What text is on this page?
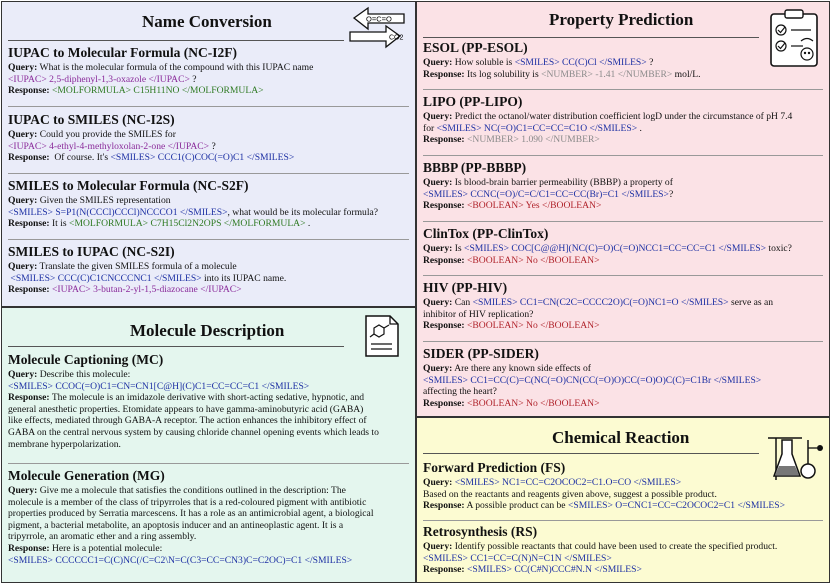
Name Conversion	O=C=O
CO2
IUPAC to Molecular Formula (NC-I2F)
Query: What is the molecular formula of the compound with this IUPAC name
<IUPAC> 2,5-diphenyl-1,3-oxazole </IUPAC> ?
Response: <MOLFORMULA> C15H11NO </MOLFORMULA>
IUPAC to SMILES (NC-I2S)
Query: Could you provide the SMILES for
<IUPAC> 4-ethyl-4-methyloxolan-2-one </IUPAC> ?
Response: Of course. It's <SMILES> CCC1(C)COC(=O)C1 </SMILES>
SMILES to Molecular Formula (NC-S2F)
Query: Given the SMILES representation
<SMILES> S=P1(N(CCCl)CCCl)NCCCO1 </SMILES>, what would be its molecular formula?
Response: It is <MOLFORMULA> C7H15Cl2N2OPS </MOLFORMULA> .
SMILES to IUPAC (NC-S2I)
Query: Translate the given SMILES formula of a molecule
<SMILES> CCC(C)C1CNCCCNC1 </SMILES> into its IUPAC name.
Response: <IUPAC> 3-butan-2-yl-1,5-diazocane </IUPAC>
Molecule Description
Molecule Captioning (MC)
Query: Describe this molecule:
<SMILES> CCOC(=O)C1=CN=CN1[C@H](C)C1=CC=CC=C1 </SMILES>
Response: The molecule is an imidazole derivative with short-acting sedative, hypnotic, and
general anesthetic properties. Etomidate appears to have gamma-aminobutyric acid (GABA)
like effects, mediated through GABA-A receptor. The action enhances the inhibitory effect of
GABA on the central nervous system by causing chloride channel opening events which leads to
membrane hyperpolarization.
Molecule Generation (MG)
Query: Give me a molecule that satisfies the conditions outlined in the description: The
molecule is a member of the class of tripyrroles that is a red-coloured pigment with antibiotic
properties produced by Serratia marcescens. It has a role as an antimicrobial agent, a biological
pigment, a bacterial metabolite, an apoptosis inducer and an antineoplastic agent. It is a
tripyrrole, an aromatic ether and a ring assembly.
Response: Here is a potential molecule:
<SMILES> CCCCCC1=C(C)NC(/C=C2\N=C(C3=CC=CN3)C=C2OC)=C1 </SMILES>
Property Prediction
ESOL (PP-ESOL)
Query: How soluble is <SMILES> CC(C)Cl </SMILES> ?
Response: Its log solubility is <NUMBER> -1.41 </NUMBER> mol/L.
LIPO (PP-LIPO)
Query: Predict the octanol/water distribution coefficient logD under the circumstance of pH 7.4
for <SMILES> NC(=O)C1=CC=CC=C1O </SMILES> .
Response: <NUMBER> 1.090 </NUMBER>
BBBP (PP-BBBP)
Query: Is blood-brain barrier permeability (BBBP) a property of
<SMILES> CCNC(=O)/C=C/C1=CC=CC(Br)=C1 </SMILES>?
Response: <BOOLEAN> Yes </BOOLEAN>
ClinTox (PP-ClinTox)
Query: Is <SMILES> COC[C@@H](NC(C)=O)C(=O)NCC1=CC=CC=C1 </SMILES> toxic?
Response: <BOOLEAN> No </BOOLEAN>
HIV (PP-HIV)
Query: Can <SMILES> CC1=CN(C2C=CCCC2O)C(=O)NC1=O </SMILES> serve as an
inhibitor of HIV replication?
Response: <BOOLEAN> No </BOOLEAN>
SIDER (PP-SIDER)
Query: Are there any known side effects of
<SMILES> CC1=CC(C)=C(NC(=O)CN(CC(=O)O)CC(=O)O)C(C)=C1Br </SMILES>
affecting the heart?
Response: <BOOLEAN> No </BOOLEAN>
Chemical Reaction
Forward Prediction (FS)
Query: <SMILES> NC1=CC=C2OCOC2=C1.O=CO </SMILES>
Based on the reactants and reagents given above, suggest a possible product.
Response: A possible product can be <SMILES> O=CNC1=CC=C2OCOC2=C1 </SMILES>
Retrosynthesis (RS)
Query: Identify possible reactants that could have been used to create the specified product.
<SMILES> CC1=CC=C(N)N=C1N </SMILES>
Response: <SMILES> CC(C#N)CCC#N.N </SMILES>
